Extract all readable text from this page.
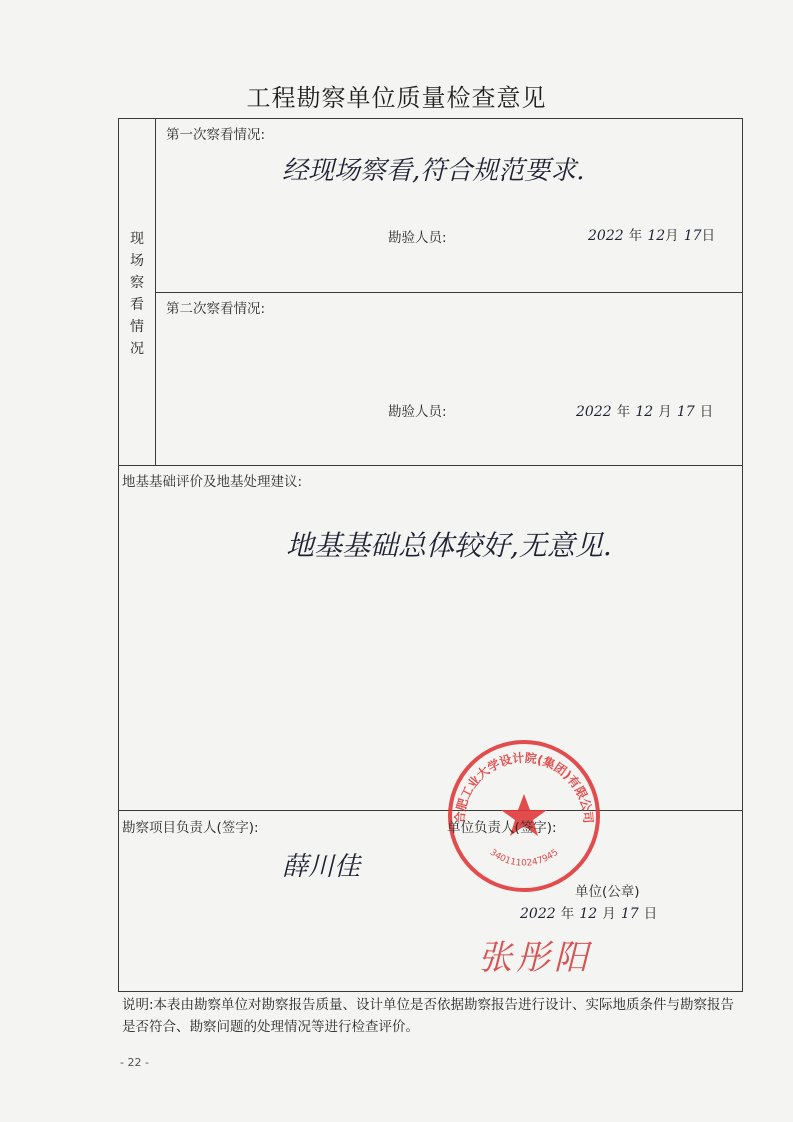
工程勘察单位质量检查意见
现
场
察
看
情
况
第一次察看情况:
经现场察看,符合规范要求.
勘验人员:	2022 年 12月 17日
第二次察看情况:
勘验人员:	2022 年 12 月 17 日
地基基础评价及地基处理建议:
地基基础总体较好,无意见.
合肥工业大学设计院(集团)有限公司
3401110247945
勘察项目负责人(签字):	单位负责人(签字):
薛川佳
单位(公章)
2022 年 12 月 17 日
张彤阳
说明:本表由勘察单位对勘察报告质量、设计单位是否依据勘察报告进行设计、实际地质条件与勘察报告是否符合、勘察问题的处理情况等进行检查评价。
- 22 -
